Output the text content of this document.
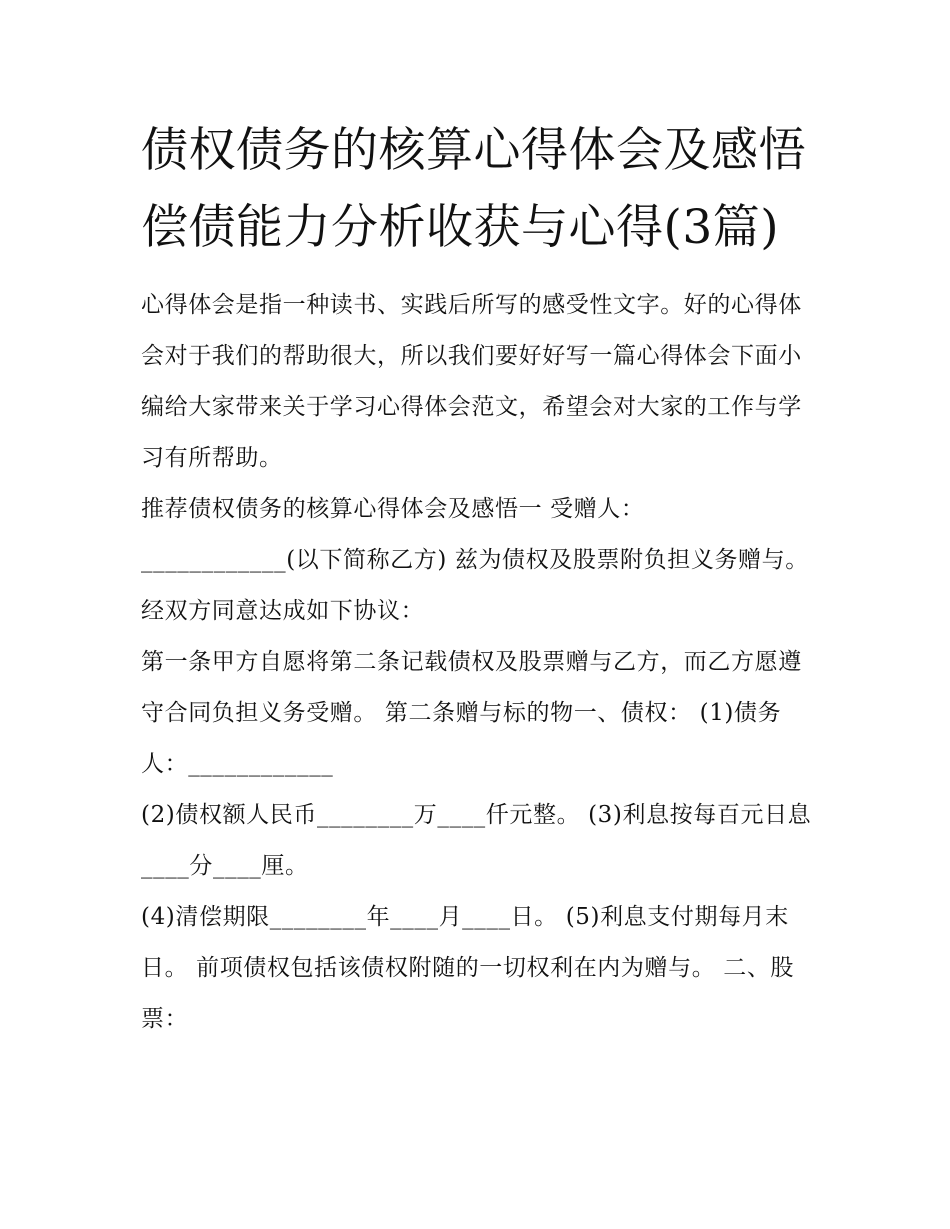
债权债务的核算心得体会及感悟 偿债能力分析收获与心得(3篇)

心得体会是指一种读书、实践后所写的感受性文字。好的心得体会对于我们的帮助很大，所以我们要好好写一篇心得体会下面小编给大家带来关于学习心得体会范文，希望会对大家的工作与学习有所帮助。

推荐债权债务的核算心得体会及感悟一 受赠人：____________(以下简称乙方) 兹为债权及股票附负担义务赠与。经双方同意达成如下协议：

第一条甲方自愿将第二条记载债权及股票赠与乙方，而乙方愿遵守合同负担义务受赠。 第二条赠与标的物一、债权： (1)债务人：____________

(2)债权额人民币________万____仟元整。 (3)利息按每百元日息____分____厘。

(4)清偿期限________年____月____日。 (5)利息支付期每月末日。 前项债权包括该债权附随的一切权利在内为赠与。 二、股票：
